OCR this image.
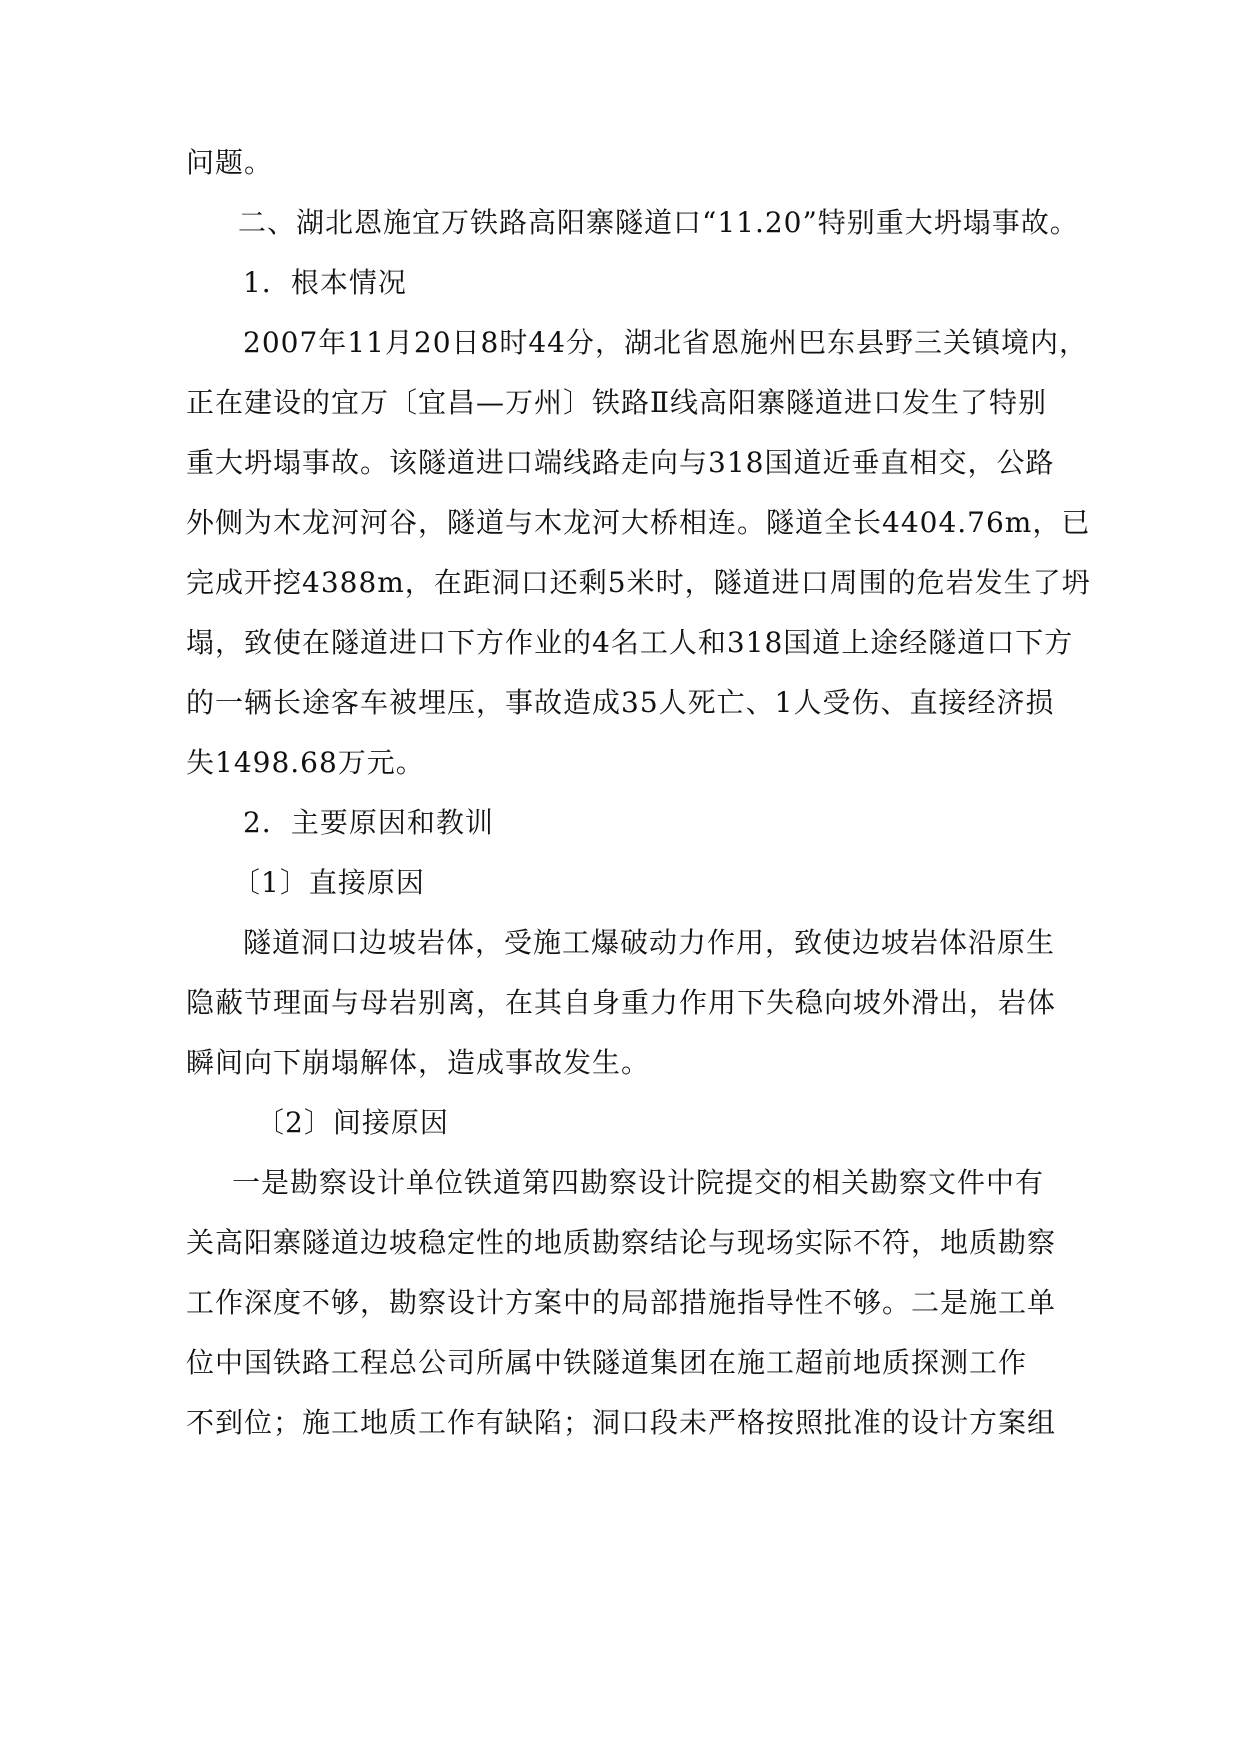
问题。
二、湖北恩施宜万铁路高阳寨隧道口“11.20”特别重大坍塌事故。
1．根本情况
2007年11月20日8时44分，湖北省恩施州巴东县野三关镇境内，
正在建设的宜万〔宜昌—万州〕铁路Ⅱ线高阳寨隧道进口发生了特别
重大坍塌事故。该隧道进口端线路走向与318国道近垂直相交，公路
外侧为木龙河河谷，隧道与木龙河大桥相连。隧道全长4404.76m，已
完成开挖4388m，在距洞口还剩5米时，隧道进口周围的危岩发生了坍
塌，致使在隧道进口下方作业的4名工人和318国道上途经隧道口下方
的一辆长途客车被埋压，事故造成35人死亡、1人受伤、直接经济损
失1498.68万元。
2．主要原因和教训
〔1〕直接原因
隧道洞口边坡岩体，受施工爆破动力作用，致使边坡岩体沿原生
隐蔽节理面与母岩别离，在其自身重力作用下失稳向坡外滑出，岩体
瞬间向下崩塌解体，造成事故发生。
〔2〕间接原因
一是勘察设计单位铁道第四勘察设计院提交的相关勘察文件中有
关高阳寨隧道边坡稳定性的地质勘察结论与现场实际不符，地质勘察
工作深度不够，勘察设计方案中的局部措施指导性不够。二是施工单
位中国铁路工程总公司所属中铁隧道集团在施工超前地质探测工作
不到位；施工地质工作有缺陷；洞口段未严格按照批准的设计方案组
